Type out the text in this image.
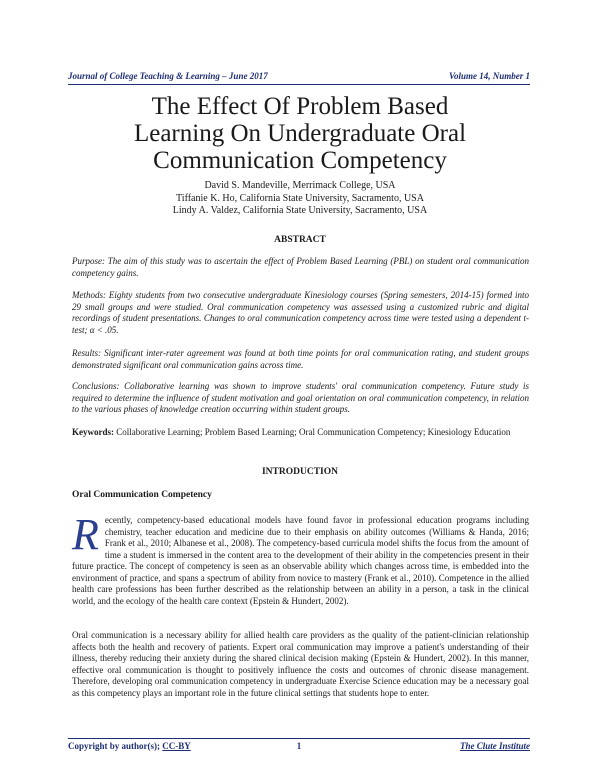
Journal of College Teaching & Learning – June 2017	Volume 14, Number 1
The Effect Of Problem Based
Learning On Undergraduate Oral
Communication Competency
David S. Mandeville, Merrimack College, USA
Tiffanie K. Ho, California State University, Sacramento, USA
Lindy A. Valdez, California State University, Sacramento, USA
ABSTRACT
Purpose: The aim of this study was to ascertain the effect of Problem Based Learning (PBL) on student oral communication competency gains.
Methods: Eighty students from two consecutive undergraduate Kinesiology courses (Spring semesters, 2014-15) formed into 29 small groups and were studied. Oral communication competency was assessed using a customized rubric and digital recordings of student presentations. Changes to oral communication competency across time were tested using a dependent t-test; α < .05.
Results: Significant inter-rater agreement was found at both time points for oral communication rating, and student groups demonstrated significant oral communication gains across time.
Conclusions: Collaborative learning was shown to improve students' oral communication competency. Future study is required to determine the influence of student motivation and goal orientation on oral communication competency, in relation to the various phases of knowledge creation occurring within student groups.
Keywords: Collaborative Learning; Problem Based Learning; Oral Communication Competency; Kinesiology Education
INTRODUCTION
Oral Communication Competency
Recently, competency-based educational models have found favor in professional education programs including chemistry, teacher education and medicine due to their emphasis on ability outcomes (Williams & Handa, 2016; Frank et al., 2010; Albanese et al., 2008). The competency-based curricula model shifts the focus from the amount of time a student is immersed in the content area to the development of their ability in the competencies present in their future practice. The concept of competency is seen as an observable ability which changes across time, is embedded into the environment of practice, and spans a spectrum of ability from novice to mastery (Frank et al., 2010). Competence in the allied health care professions has been further described as the relationship between an ability in a person, a task in the clinical world, and the ecology of the health care context (Epstein & Hundert, 2002).
Oral communication is a necessary ability for allied health care providers as the quality of the patient-clinician relationship affects both the health and recovery of patients. Expert oral communication may improve a patient's understanding of their illness, thereby reducing their anxiety during the shared clinical decision making (Epstein & Hundert, 2002). In this manner, effective oral communication is thought to positively influence the costs and outcomes of chronic disease management. Therefore, developing oral communication competency in undergraduate Exercise Science education may be a necessary goal as this competency plays an important role in the future clinical settings that students hope to enter.
Copyright by author(s); CC-BY	1	The Clute Institute
